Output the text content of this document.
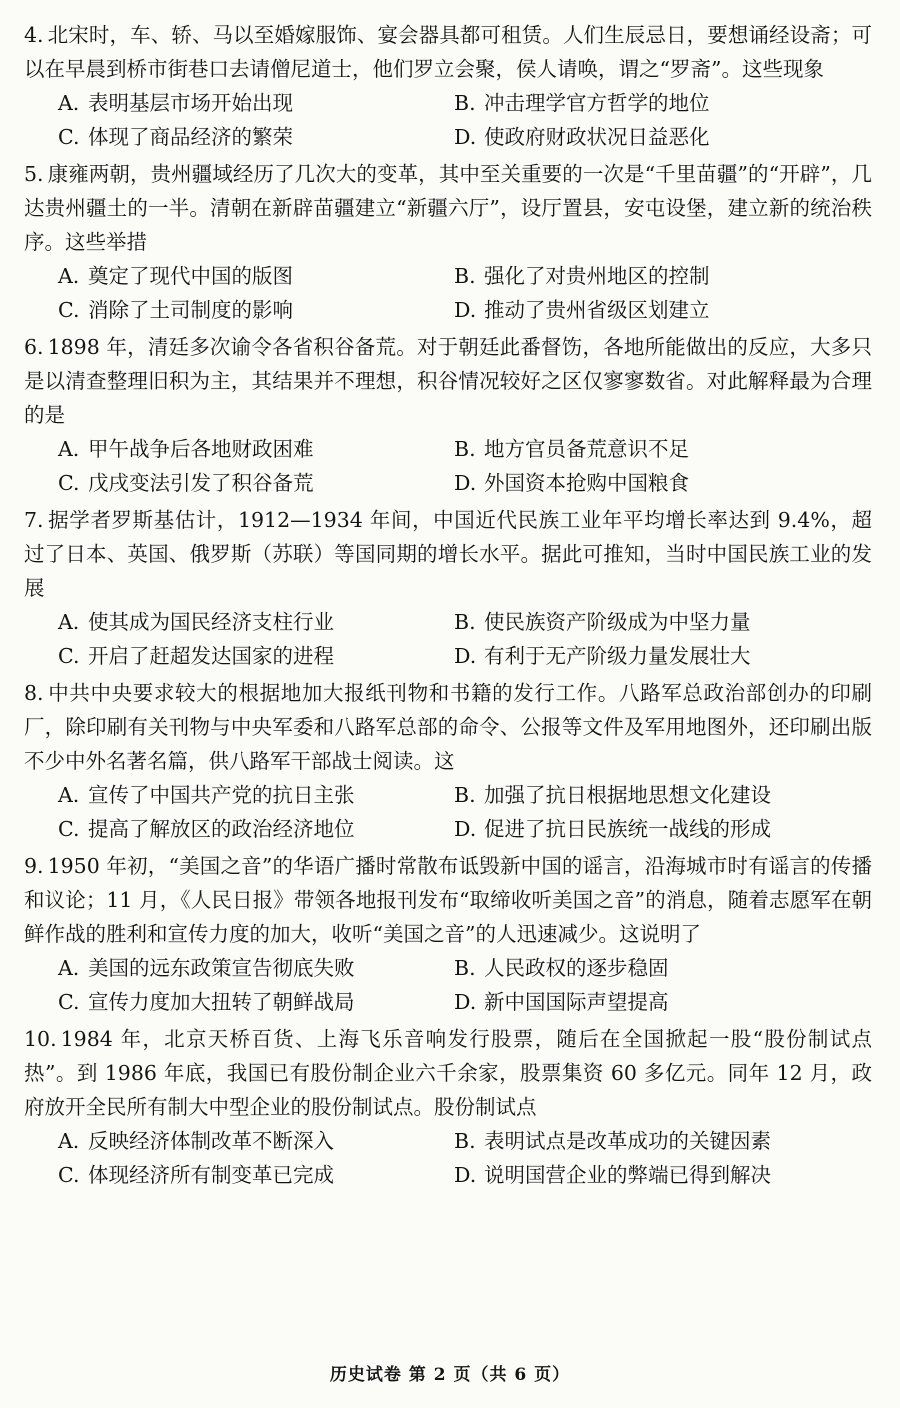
4. 北宋时，车、轿、马以至婚嫁服饰、宴会器具都可租赁。人们生辰忌日，要想诵经设斋；可以在早晨到桥市街巷口去请僧尼道士，他们罗立会聚，侯人请唤，谓之“罗斋”。这些现象
A. 表明基层市场开始出现	B. 冲击理学官方哲学的地位
C. 体现了商品经济的繁荣	D. 使政府财政状况日益恶化
5. 康雍两朝，贵州疆域经历了几次大的变革，其中至关重要的一次是“千里苗疆”的“开辟”，几达贵州疆土的一半。清朝在新辟苗疆建立“新疆六厅”，设厅置县，安屯设堡，建立新的统治秩序。这些举措
A. 奠定了现代中国的版图	B. 强化了对贵州地区的控制
C. 消除了土司制度的影响	D. 推动了贵州省级区划建立
6. 1898 年，清廷多次谕令各省积谷备荒。对于朝廷此番督饬，各地所能做出的反应，大多只是以清查整理旧积为主，其结果并不理想，积谷情况较好之区仅寥寥数省。对此解释最为合理的是
A. 甲午战争后各地财政困难	B. 地方官员备荒意识不足
C. 戊戌变法引发了积谷备荒	D. 外国资本抢购中国粮食
7. 据学者罗斯基估计，1912—1934 年间，中国近代民族工业年平均增长率达到 9.4%，超过了日本、英国、俄罗斯（苏联）等国同期的增长水平。据此可推知，当时中国民族工业的发展
A. 使其成为国民经济支柱行业	B. 使民族资产阶级成为中坚力量
C. 开启了赶超发达国家的进程	D. 有利于无产阶级力量发展壮大
8. 中共中央要求较大的根据地加大报纸刊物和书籍的发行工作。八路军总政治部创办的印刷厂，除印刷有关刊物与中央军委和八路军总部的命令、公报等文件及军用地图外，还印刷出版不少中外名著名篇，供八路军干部战士阅读。这
A. 宣传了中国共产党的抗日主张	B. 加强了抗日根据地思想文化建设
C. 提高了解放区的政治经济地位	D. 促进了抗日民族统一战线的形成
9. 1950 年初，“美国之音”的华语广播时常散布诋毁新中国的谣言，沿海城市时有谣言的传播和议论；11 月，《人民日报》带领各地报刊发布“取缔收听美国之音”的消息，随着志愿军在朝鲜作战的胜利和宣传力度的加大，收听“美国之音”的人迅速减少。这说明了
A. 美国的远东政策宣告彻底失败	B. 人民政权的逐步稳固
C. 宣传力度加大扭转了朝鲜战局	D. 新中国国际声望提高
10. 1984 年，北京天桥百货、上海飞乐音响发行股票，随后在全国掀起一股“股份制试点热”。到 1986 年底，我国已有股份制企业六千余家，股票集资 60 多亿元。同年 12 月，政府放开全民所有制大中型企业的股份制试点。股份制试点
A. 反映经济体制改革不断深入	B. 表明试点是改革成功的关键因素
C. 体现经济所有制变革已完成	D. 说明国营企业的弊端已得到解决
历史试卷 第 2 页（共 6 页）
